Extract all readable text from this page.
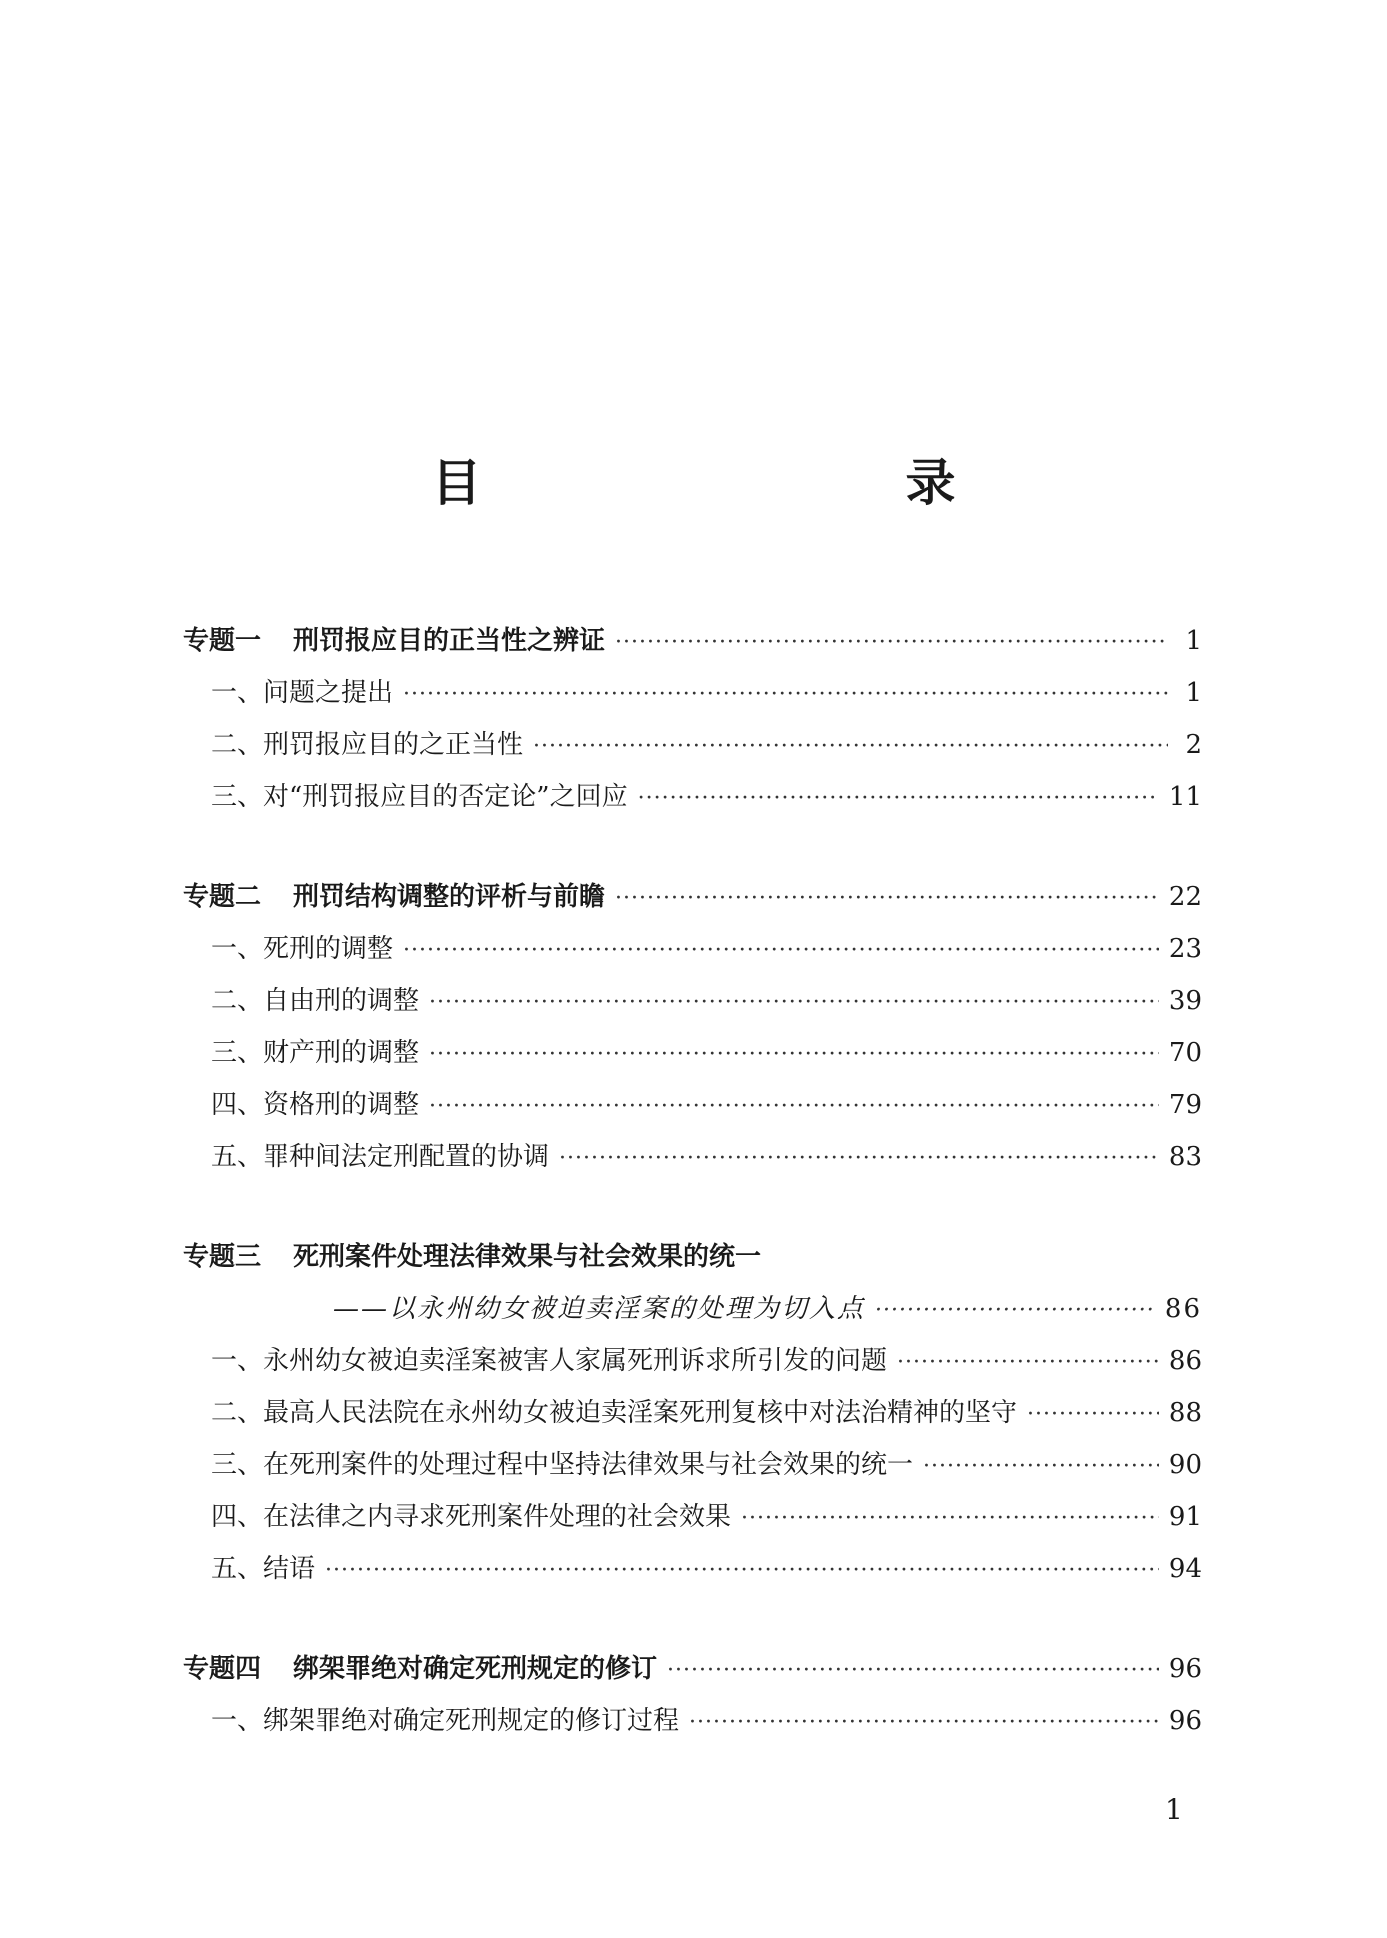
目　　录
专题一 刑罚报应目的正当性之辨证 ·····	1
一、问题之提出 ·····	1
二、刑罚报应目的之正当性 ·····	2
三、对“刑罚报应目的否定论”之回应 ·····	11
专题二 刑罚结构调整的评析与前瞻 ·····	22
一、死刑的调整 ·····	23
二、自由刑的调整 ·····	39
三、财产刑的调整 ·····	70
四、资格刑的调整 ·····	79
五、罪种间法定刑配置的协调 ·····	83
专题三 死刑案件处理法律效果与社会效果的统一
——以永州幼女被迫卖淫案的处理为切入点 ·····	86
一、永州幼女被迫卖淫案被害人家属死刑诉求所引发的问题 ·····	86
二、最高人民法院在永州幼女被迫卖淫案死刑复核中对法治精神的坚守 ·····	88
三、在死刑案件的处理过程中坚持法律效果与社会效果的统一 ·····	90
四、在法律之内寻求死刑案件处理的社会效果 ·····	91
五、结语 ·····	94
专题四 绑架罪绝对确定死刑规定的修订 ·····	96
一、绑架罪绝对确定死刑规定的修订过程 ·····	96
1
